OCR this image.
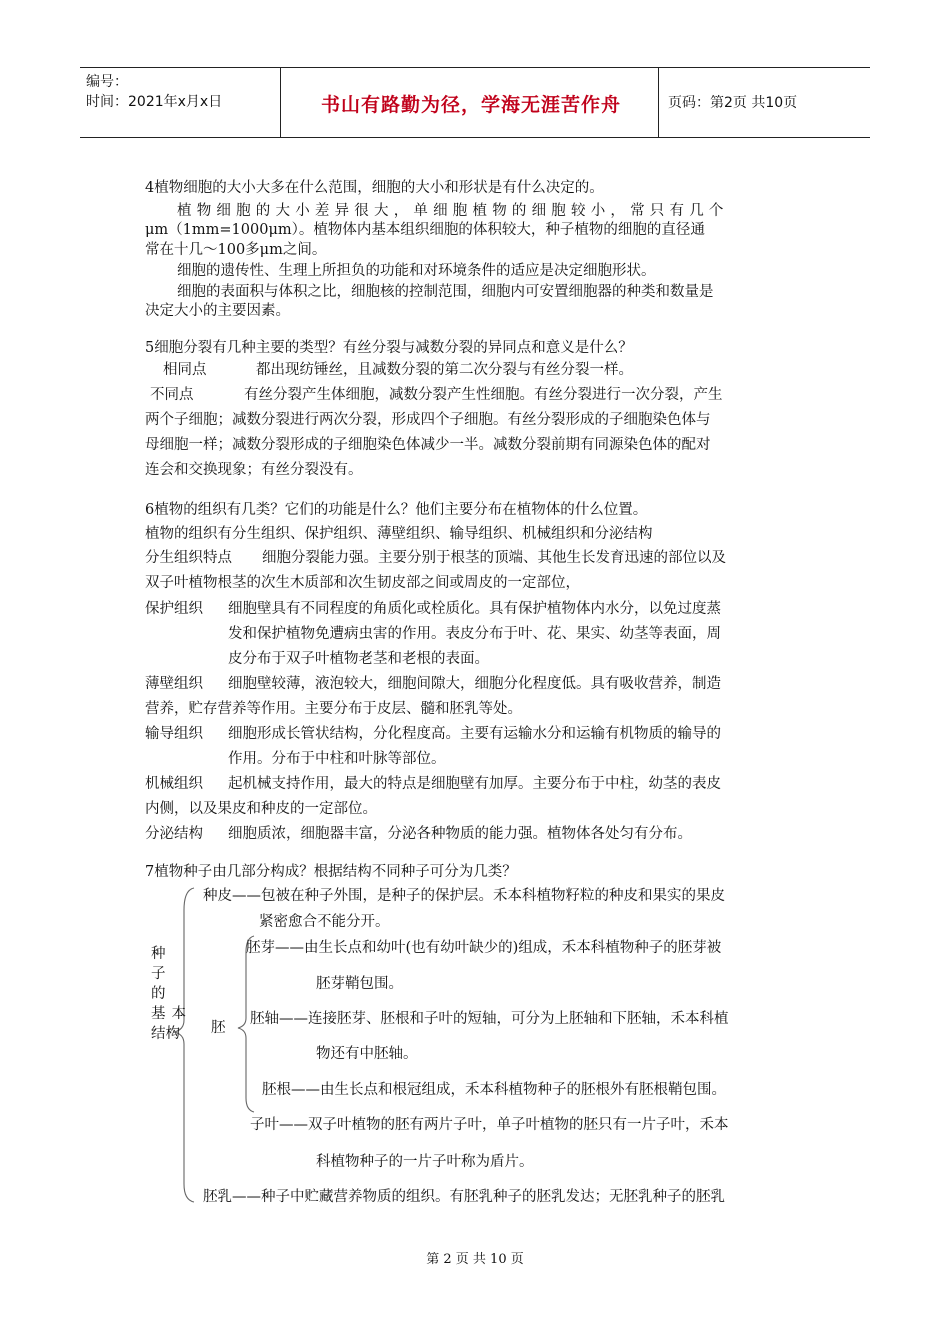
编号：
时间：2021年x月x日	书山有路勤为径，学海无涯苦作舟	页码：第2页 共10页
4植物细胞的大小大多在什么范围，细胞的大小和形状是有什么决定的。
植物细胞的大小差异很大，单细胞植物的细胞较小，常只有几个
μm（1mm=1000μm）。植物体内基本组织细胞的体积较大，种子植物的细胞的直径通
常在十几～100多μm之间。
细胞的遗传性、生理上所担负的功能和对环境条件的适应是决定细胞形状。
细胞的表面积与体积之比，细胞核的控制范围，细胞内可安置细胞器的种类和数量是
决定大小的主要因素。
5细胞分裂有几种主要的类型？有丝分裂与减数分裂的异同点和意义是什么？
相同点	都出现纺锤丝，且减数分裂的第二次分裂与有丝分裂一样。
不同点	有丝分裂产生体细胞，减数分裂产生性细胞。有丝分裂进行一次分裂，产生
两个子细胞；减数分裂进行两次分裂，形成四个子细胞。有丝分裂形成的子细胞染色体与
母细胞一样；减数分裂形成的子细胞染色体减少一半。减数分裂前期有同源染色体的配对
连会和交换现象；有丝分裂没有。
6植物的组织有几类？它们的功能是什么？他们主要分布在植物体的什么位置。
植物的组织有分生组织、保护组织、薄壁组织、输导组织、机械组织和分泌结构
分生组织特点 细胞分裂能力强。主要分别于根茎的顶端、其他生长发育迅速的部位以及
双子叶植物根茎的次生木质部和次生韧皮部之间或周皮的一定部位，
保护组织 细胞壁具有不同程度的角质化或栓质化。具有保护植物体内水分，以免过度蒸
发和保护植物免遭病虫害的作用。表皮分布于叶、花、果实、幼茎等表面，周
皮分布于双子叶植物老茎和老根的表面。
薄壁组织 细胞壁较薄，液泡较大，细胞间隙大，细胞分化程度低。具有吸收营养，制造
营养，贮存营养等作用。主要分布于皮层、髓和胚乳等处。
输导组织 细胞形成长管状结构，分化程度高。主要有运输水分和运输有机物质的输导的
作用。分布于中柱和叶脉等部位。
机械组织 起机械支持作用，最大的特点是细胞壁有加厚。主要分布于中柱，幼茎的表皮
内侧，以及果皮和种皮的一定部位。
分泌结构 细胞质浓，细胞器丰富，分泌各种物质的能力强。植物体各处匀有分布。
7植物种子由几部分构成？根据结构不同种子可分为几类？
种
子
的
基 本
结构
种皮——包被在种子外围，是种子的保护层。禾本科植物籽粒的种皮和果实的果皮
紧密愈合不能分开。
胚
胚芽——由生长点和幼叶(也有幼叶缺少的)组成，禾本科植物种子的胚芽被
胚芽鞘包围。
胚轴——连接胚芽、胚根和子叶的短轴，可分为上胚轴和下胚轴，禾本科植
物还有中胚轴。
胚根——由生长点和根冠组成，禾本科植物种子的胚根外有胚根鞘包围。
子叶——双子叶植物的胚有两片子叶，单子叶植物的胚只有一片子叶，禾本
科植物种子的一片子叶称为盾片。
胚乳——种子中贮藏营养物质的组织。有胚乳种子的胚乳发达；无胚乳种子的胚乳
第 2 页 共 10 页
